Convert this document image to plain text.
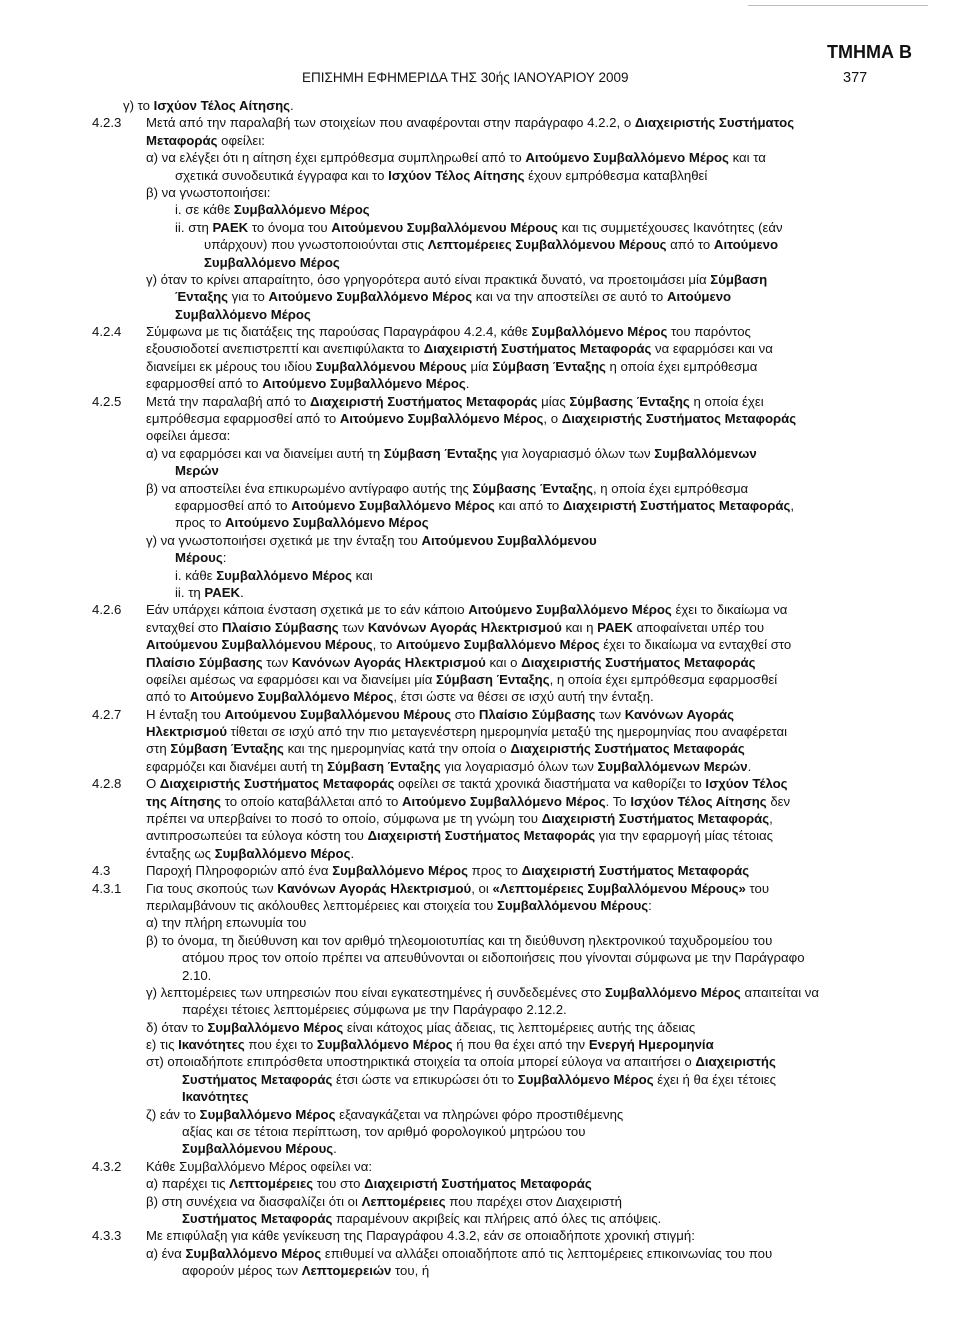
ΤΜΗΜΑ Β
ΕΠΙΣΗΜΗ ΕΦΗΜΕΡΙΔΑ ΤΗΣ 30ής ΙΑΝΟΥΑΡΙΟΥ 2009	377
γ) το Ισχύον Τέλος Αίτησης.
4.2.3 Μετά από την παραλαβή των στοιχείων που αναφέρονται στην παράγραφο 4.2.2, ο Διαχειριστής Συστήματος
Μεταφοράς οφείλει:
α) να ελέγξει ότι η αίτηση έχει εμπρόθεσμα συμπληρωθεί από το Αιτούμενο Συμβαλλόμενο Μέρος και τα
σχετικά συνοδευτικά έγγραφα και το Ισχύον Τέλος Αίτησης έχουν εμπρόθεσμα καταβληθεί
β) να γνωστοποιήσει:
i. σε κάθε Συμβαλλόμενο Μέρος
ii. στη ΡΑΕΚ το όνομα του Αιτούμενου Συμβαλλόμενου Μέρους και τις συμμετέχουσες Ικανότητες (εάν
υπάρχουν) που γνωστοποιούνται στις Λεπτομέρειες Συμβαλλόμενου Μέρους από το Αιτούμενο
Συμβαλλόμενο Μέρος
γ) όταν το κρίνει απαραίτητο, όσο γρηγορότερα αυτό είναι πρακτικά δυνατό, να προετοιμάσει μία Σύμβαση
Ένταξης για το Αιτούμενο Συμβαλλόμενο Μέρος και να την αποστείλει σε αυτό το Αιτούμενο
Συμβαλλόμενο Μέρος
4.2.4 Σύμφωνα με τις διατάξεις της παρούσας Παραγράφου 4.2.4, κάθε Συμβαλλόμενο Μέρος του παρόντος
εξουσιοδοτεί ανεπιστρεπτί και ανεπιφύλακτα το Διαχειριστή Συστήματος Μεταφοράς να εφαρμόσει και να
διανείμει εκ μέρους του ιδίου Συμβαλλόμενου Μέρους μία Σύμβαση Ένταξης η οποία έχει εμπρόθεσμα
εφαρμοσθεί από το Αιτούμενο Συμβαλλόμενο Μέρος.
4.2.5 Μετά την παραλαβή από το Διαχειριστή Συστήματος Μεταφοράς μίας Σύμβασης Ένταξης η οποία έχει
εμπρόθεσμα εφαρμοσθεί από το Αιτούμενο Συμβαλλόμενο Μέρος, ο Διαχειριστής Συστήματος Μεταφοράς
οφείλει άμεσα:
α) να εφαρμόσει και να διανείμει αυτή τη Σύμβαση Ένταξης για λογαριασμό όλων των Συμβαλλόμενων
Μερών
β) να αποστείλει ένα επικυρωμένο αντίγραφο αυτής της Σύμβασης Ένταξης, η οποία έχει εμπρόθεσμα
εφαρμοσθεί από το Αιτούμενο Συμβαλλόμενο Μέρος και από το Διαχειριστή Συστήματος Μεταφοράς,
προς το Αιτούμενο Συμβαλλόμενο Μέρος
γ) να γνωστοποιήσει σχετικά με την ένταξη του Αιτούμενου Συμβαλλόμενου
Μέρους:
i. κάθε Συμβαλλόμενο Μέρος και
ii. τη ΡΑΕΚ.
4.2.6 Εάν υπάρχει κάποια ένσταση σχετικά με το εάν κάποιο Αιτούμενο Συμβαλλόμενο Μέρος έχει το δικαίωμα να
ενταχθεί στο Πλαίσιο Σύμβασης των Κανόνων Αγοράς Ηλεκτρισμού και η ΡΑΕΚ αποφαίνεται υπέρ του
Αιτούμενου Συμβαλλόμενου Μέρους, το Αιτούμενο Συμβαλλόμενο Μέρος έχει το δικαίωμα να ενταχθεί στο
Πλαίσιο Σύμβασης των Κανόνων Αγοράς Ηλεκτρισμού και ο Διαχειριστής Συστήματος Μεταφοράς
οφείλει αμέσως να εφαρμόσει και να διανείμει μία Σύμβαση Ένταξης, η οποία έχει εμπρόθεσμα εφαρμοσθεί
από το Αιτούμενο Συμβαλλόμενο Μέρος, έτσι ώστε να θέσει σε ισχύ αυτή την ένταξη.
4.2.7 Η ένταξη του Αιτούμενου Συμβαλλόμενου Μέρους στο Πλαίσιο Σύμβασης των Κανόνων Αγοράς
Ηλεκτρισμού τίθεται σε ισχύ από την πιο μεταγενέστερη ημερομηνία μεταξύ της ημερομηνίας που αναφέρεται
στη Σύμβαση Ένταξης και της ημερομηνίας κατά την οποία ο Διαχειριστής Συστήματος Μεταφοράς
εφαρμόζει και διανέμει αυτή τη Σύμβαση Ένταξης για λογαριασμό όλων των Συμβαλλόμενων Μερών.
4.2.8 Ο Διαχειριστής Συστήματος Μεταφοράς οφείλει σε τακτά χρονικά διαστήματα να καθορίζει το Ισχύον Τέλος
της Αίτησης το οποίο καταβάλλεται από το Αιτούμενο Συμβαλλόμενο Μέρος. Το Ισχύον Τέλος Αίτησης δεν
πρέπει να υπερβαίνει το ποσό το οποίο, σύμφωνα με τη γνώμη του Διαχειριστή Συστήματος Μεταφοράς,
αντιπροσωπεύει τα εύλογα κόστη του Διαχειριστή Συστήματος Μεταφοράς για την εφαρμογή μίας τέτοιας
ένταξης ως Συμβαλλόμενο Μέρος.
4.3	Παροχή Πληροφοριών από ένα Συμβαλλόμενο Μέρος προς το Διαχειριστή Συστήματος Μεταφοράς
4.3.1 Για τους σκοπούς των Κανόνων Αγοράς Ηλεκτρισμού, οι «Λεπτομέρειες Συμβαλλόμενου Μέρους» του
περιλαμβάνουν τις ακόλουθες λεπτομέρειες και στοιχεία του Συμβαλλόμενου Μέρους:
α) την πλήρη επωνυμία του
β) το όνομα, τη διεύθυνση και τον αριθμό τηλεομοιοτυπίας και τη διεύθυνση ηλεκτρονικού ταχυδρομείου του
ατόμου προς τον οποίο πρέπει να απευθύνονται οι ειδοποιήσεις που γίνονται σύμφωνα με την Παράγραφο
2.10.
γ) λεπτομέρειες των υπηρεσιών που είναι εγκατεστημένες ή συνδεδεμένες στο Συμβαλλόμενο Μέρος απαιτείται να
παρέχει τέτοιες λεπτομέρειες σύμφωνα με την Παράγραφο 2.12.2.
δ) όταν το Συμβαλλόμενο Μέρος είναι κάτοχος μίας άδειας, τις λεπτομέρειες αυτής της άδειας
ε) τις Ικανότητες που έχει το Συμβαλλόμενο Μέρος ή που θα έχει από την Ενεργή Ημερομηνία
στ) οποιαδήποτε επιπρόσθετα υποστηρικτικά στοιχεία τα οποία μπορεί εύλογα να απαιτήσει ο Διαχειριστής
Συστήματος Μεταφοράς έτσι ώστε να επικυρώσει ότι το Συμβαλλόμενο Μέρος έχει ή θα έχει τέτοιες
Ικανότητες
ζ) εάν το Συμβαλλόμενο Μέρος εξαναγκάζεται να πληρώνει φόρο προστιθέμενης
αξίας και σε τέτοια περίπτωση, τον αριθμό φορολογικού μητρώου του
Συμβαλλόμενου Μέρους.
4.3.2 Κάθε Συμβαλλόμενο Μέρος οφείλει να:
α) παρέχει τις Λεπτομέρειες του στο Διαχειριστή Συστήματος Μεταφοράς
β) στη συνέχεια να διασφαλίζει ότι οι Λεπτομέρειες που παρέχει στον Διαχειριστή
Συστήματος Μεταφοράς παραμένουν ακριβείς και πλήρεις από όλες τις απόψεις.
4.3.3 Με επιφύλαξη για κάθε γενίκευση της Παραγράφου 4.3.2, εάν σε οποιαδήποτε χρονική στιγμή:
α) ένα Συμβαλλόμενο Μέρος επιθυμεί να αλλάξει οποιαδήποτε από τις λεπτομέρειες επικοινωνίας του που
αφορούν μέρος των Λεπτομερειών του, ή
